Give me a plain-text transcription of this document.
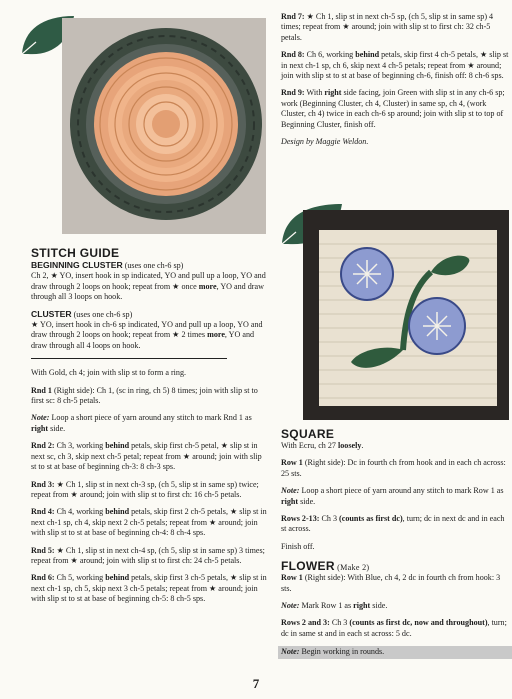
STITCH GUIDE

BEGINNING CLUSTER (uses one ch-6 sp)
Ch 2, ★ YO, insert hook in sp indicated, YO and pull up a loop, YO and draw through 2 loops on hook; repeat from ★ once more, YO and draw through all 3 loops on hook.

CLUSTER (uses one ch-6 sp)
★ YO, insert hook in ch-6 sp indicated, YO and pull up a loop, YO and draw through 2 loops on hook; repeat from ★ 2 times more, YO and draw through all 4 loops on hook.

With Gold, ch 4; join with slip st to form a ring.

Rnd 1 (Right side): Ch 1, (sc in ring, ch 5) 8 times; join with slip st to first sc: 8 ch-5 petals.

Note: Loop a short piece of yarn around any stitch to mark Rnd 1 as right side.

Rnd 2: Ch 3, working behind petals, skip first ch-5 petal, ★ slip st in next sc, ch 3, skip next ch-5 petal; repeat from ★ around; join with slip st to st at base of beginning ch-3: 8 ch-3 sps.

Rnd 3: ★ Ch 1, slip st in next ch-3 sp, (ch 5, slip st in same sp) twice; repeat from ★ around; join with slip st to first ch: 16 ch-5 petals.

Rnd 4: Ch 4, working behind petals, skip first 2 ch-5 petals, ★ slip st in next ch-1 sp, ch 4, skip next 2 ch-5 petals; repeat from ★ around; join with slip st to st at base of beginning ch-4: 8 ch-4 sps.

Rnd 5: ★ Ch 1, slip st in next ch-4 sp, (ch 5, slip st in same sp) 3 times; repeat from ★ around; join with slip st to first ch: 24 ch-5 petals.

Rnd 6: Ch 5, working behind petals, skip first 3 ch-5 petals, ★ slip st in next ch-1 sp, ch 5, skip next 3 ch-5 petals; repeat from ★ around; join with slip st to st at base of beginning ch-5: 8 ch-5 sps.

Rnd 7: ★ Ch 1, slip st in next ch-5 sp, (ch 5, slip st in same sp) 4 times; repeat from ★ around; join with slip st to first ch: 32 ch-5 petals.

Rnd 8: Ch 6, working behind petals, skip first 4 ch-5 petals, ★ slip st in next ch-1 sp, ch 6, skip next 4 ch-5 petals; repeat from ★ around; join with slip st to st at base of beginning ch-6, finish off: 8 ch-6 sps.

Rnd 9: With right side facing, join Green with slip st in any ch-6 sp; work (Beginning Cluster, ch 4, Cluster) in same sp, ch 4, (work Cluster, ch 4) twice in each ch-6 sp around; join with slip st to top of Beginning Cluster, finish off.

Design by Maggie Weldon.

SQUARE

With Ecru, ch 27 loosely.

Row 1 (Right side): Dc in fourth ch from hook and in each ch across: 25 sts.

Note: Loop a short piece of yarn around any stitch to mark Row 1 as right side.

Rows 2-13: Ch 3 (counts as first dc), turn; dc in next dc and in each st across.

Finish off.

FLOWER (Make 2)

Row 1 (Right side): With Blue, ch 4, 2 dc in fourth ch from hook: 3 sts.

Note: Mark Row 1 as right side.

Rows 2 and 3: Ch 3 (counts as first dc, now and throughout), turn; dc in same st and in each st across: 5 dc.

Note: Begin working in rounds.

7
